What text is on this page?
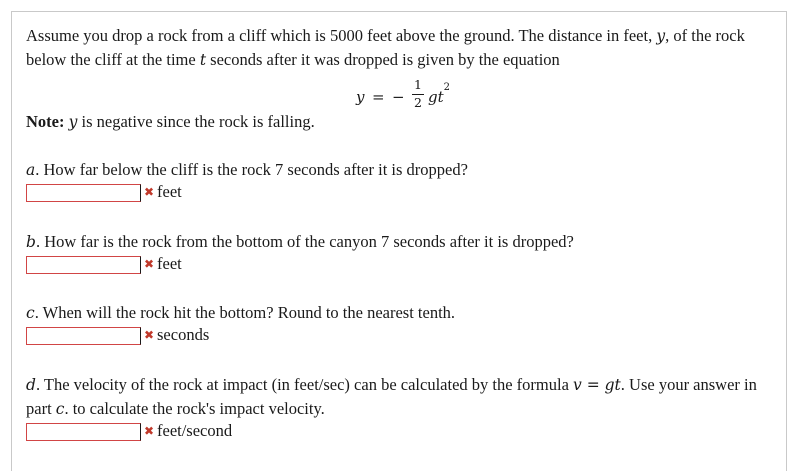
Assume you drop a rock from a cliff which is 5000 feet above the ground. The distance in feet, y, of the rock

below the cliff at the time t seconds after it was dropped is given by the equation

y = −
1
2 $gt^2$

Note: y is negative since the rock is falling.

a. How far below the cliff is the rock 7 seconds after it is dropped?

✖ feet

b. How far is the rock from the bottom of the canyon 7 seconds after it is dropped?

✖ feet

c. When will the rock hit the bottom? Round to the nearest tenth.

✖ seconds

d. The velocity of the rock at impact (in feet/sec) can be calculated by the formula v = gt. Use your answer in

part c. to calculate the rock's impact velocity.

✖ feet/second
